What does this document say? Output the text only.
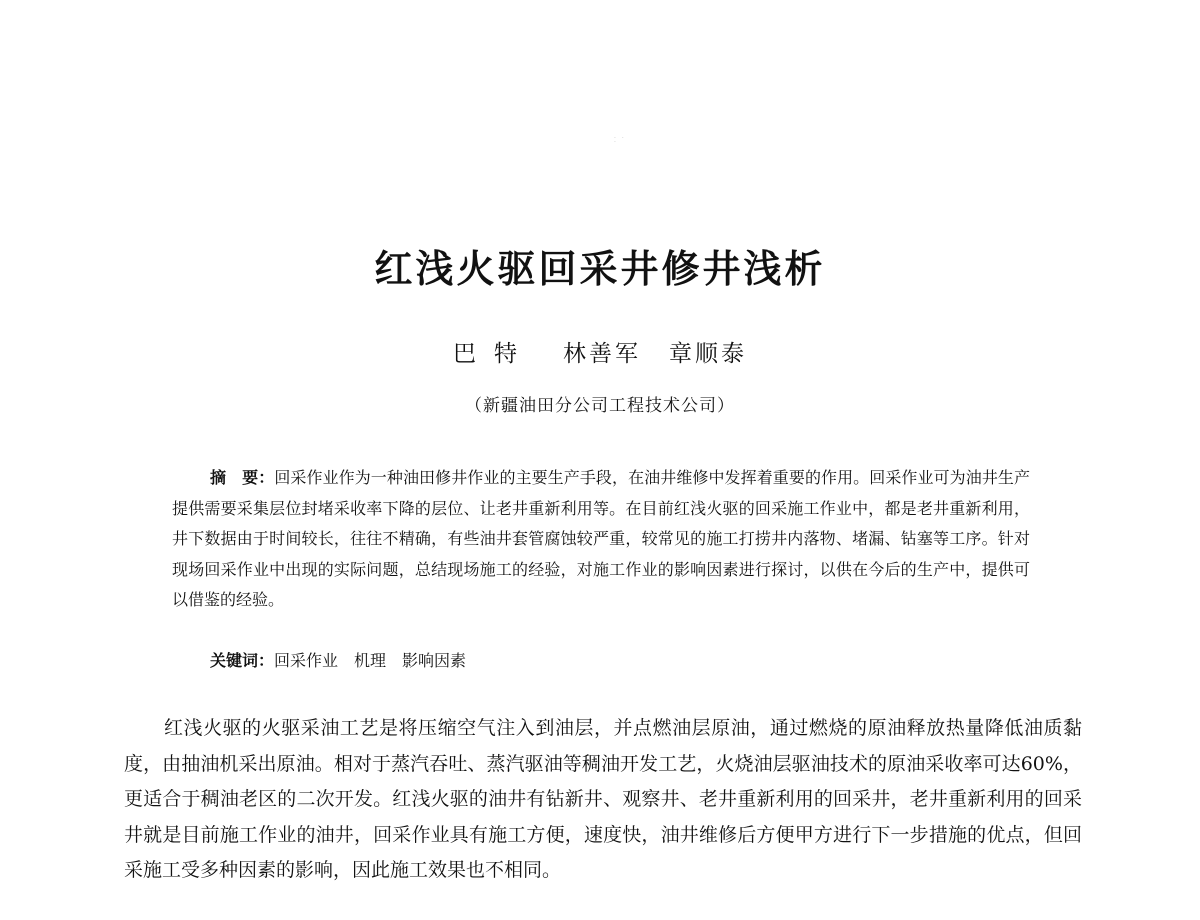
· · ·
红浅火驱回采井修井浅析
巴特 林善军 章顺泰
（新疆油田分公司工程技术公司）

摘　要：回采作业作为一种油田修井作业的主要生产手段，在油井维修中发挥着重要的作用。回采作业可为油井生产提供需要采集层位封堵采收率下降的层位、让老井重新利用等。在目前红浅火驱的回采施工作业中，都是老井重新利用，井下数据由于时间较长，往往不精确，有些油井套管腐蚀较严重，较常见的施工打捞井内落物、堵漏、钻塞等工序。针对现场回采作业中出现的实际问题，总结现场施工的经验，对施工作业的影响因素进行探讨，以供在今后的生产中，提供可以借鉴的经验。

关键词：回采作业 机理 影响因素

红浅火驱的火驱采油工艺是将压缩空气注入到油层，并点燃油层原油，通过燃烧的原油释放热量降低油质黏度，由抽油机采出原油。相对于蒸汽吞吐、蒸汽驱油等稠油开发工艺，火烧油层驱油技术的原油采收率可达60%，更适合于稠油老区的二次开发。红浅火驱的油井有钻新井、观察井、老井重新利用的回采井，老井重新利用的回采井就是目前施工作业的油井，回采作业具有施工方便，速度快，油井维修后方便甲方进行下一步措施的优点，但回采施工受多种因素的影响，因此施工效果也不相同。
